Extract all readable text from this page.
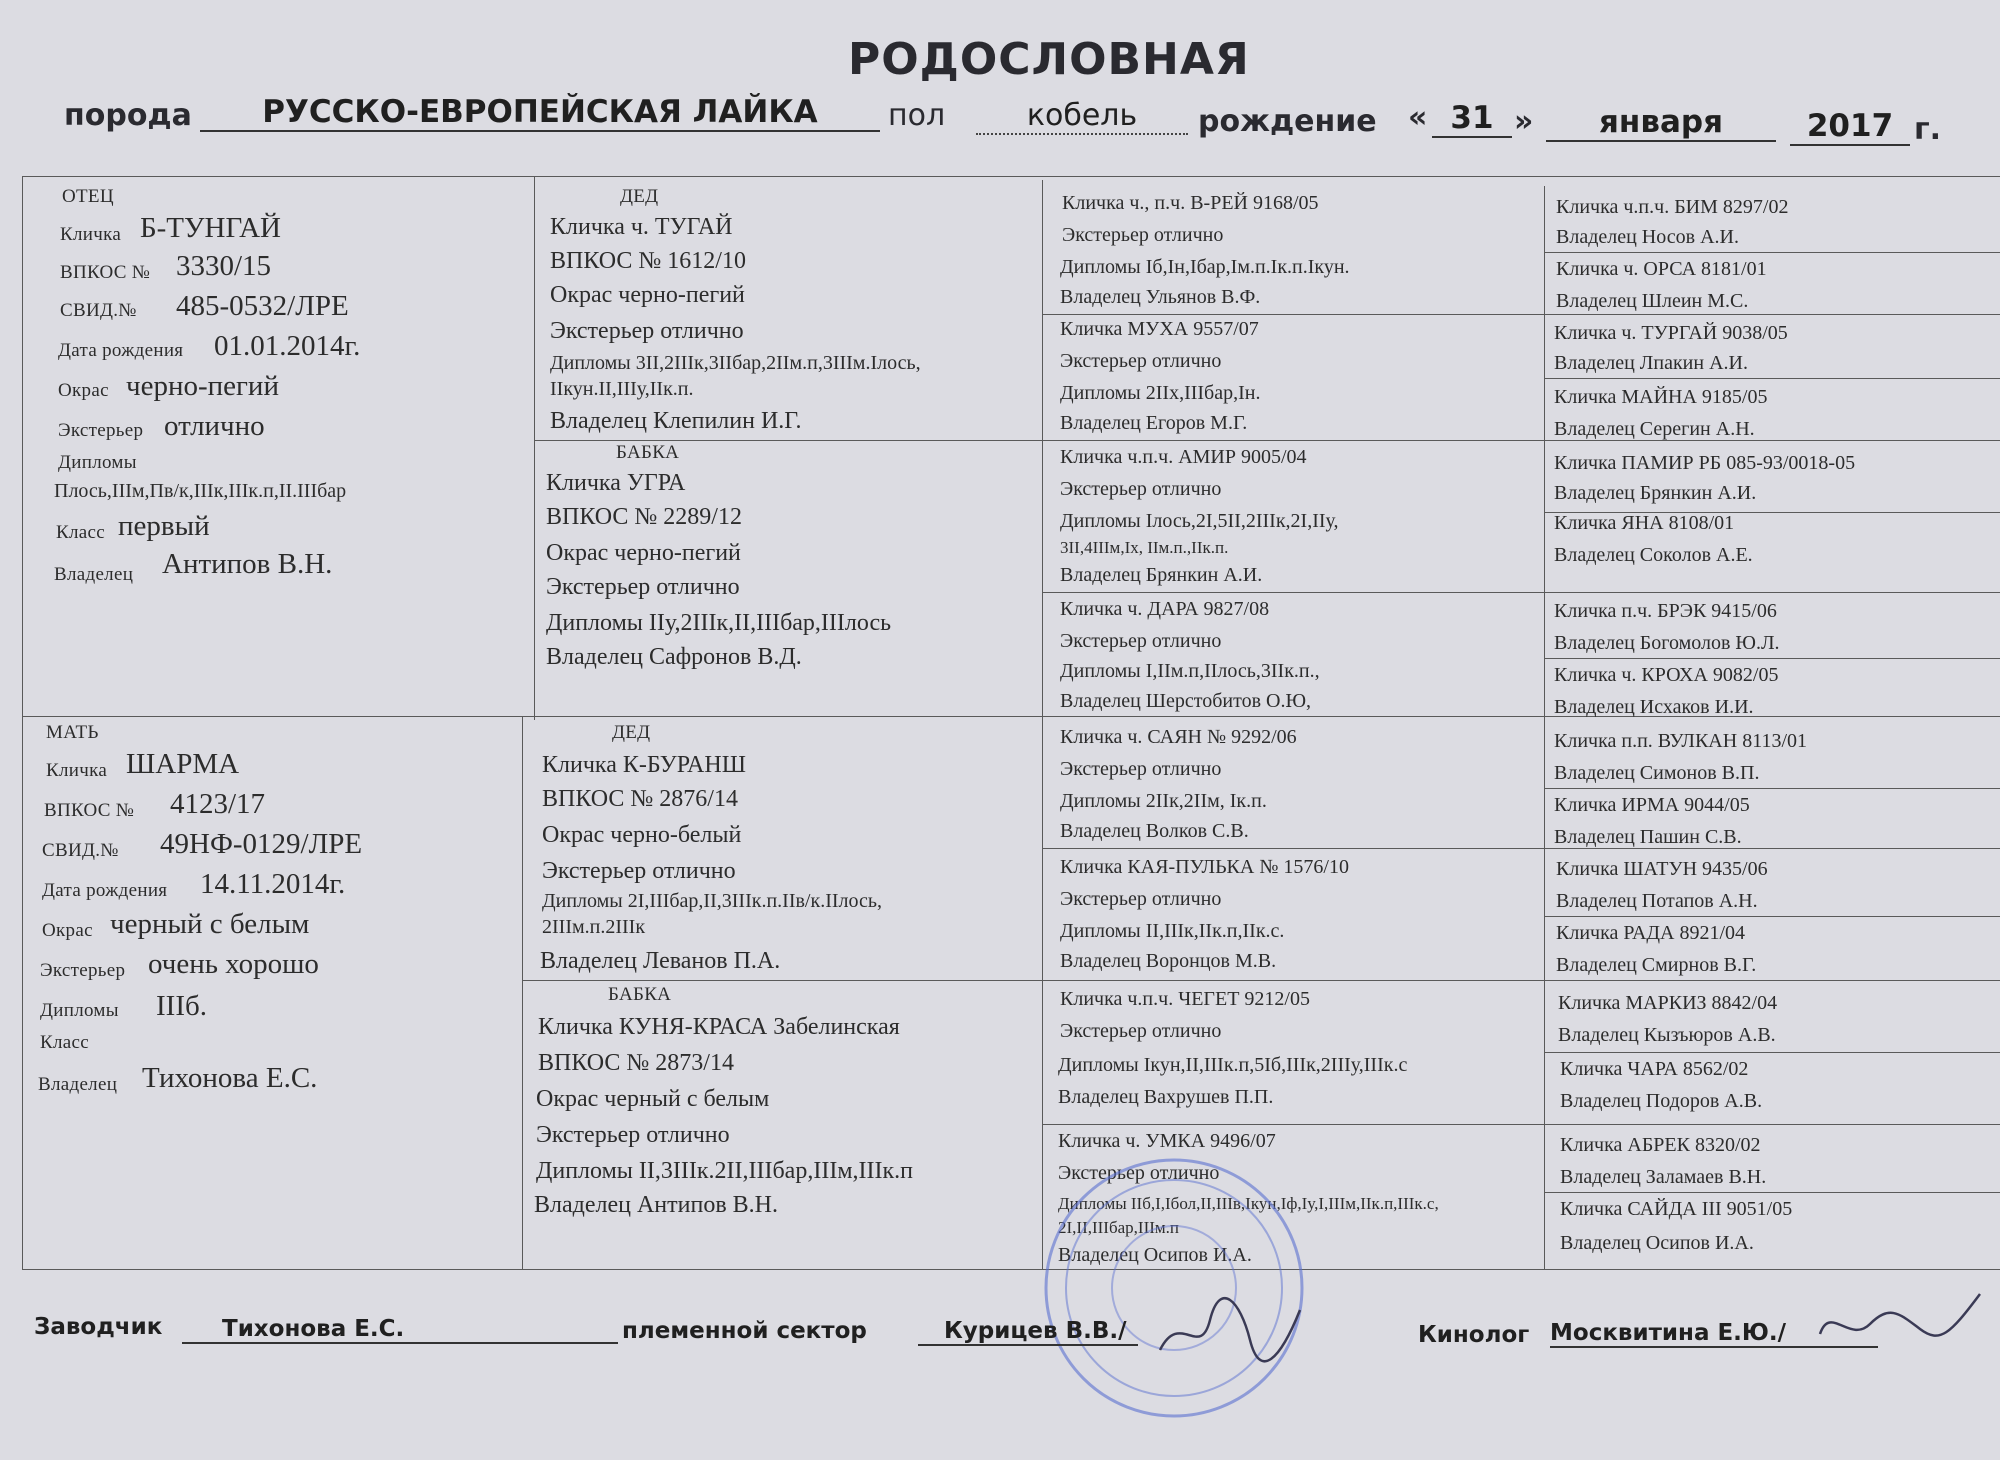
РОДОСЛОВНАЯ
порода	РУССКО-ЕВРОПЕЙСКАЯ ЛАЙКА	пол	кобель	рождение « 31 »	января	2017 г.
ОТЕЦ
Кличка Б-ТУНГАЙ
ВПКОС № 3330/15
СВИД.№ 485-0532/ЛРЕ
Дата рождения 01.01.2014г.
Окрас черно-пегий
Экстерьер отлично
Дипломы
Плось,IIIм,Пв/к,IIIк,IIIк.п,II.IIIбар
Класс первый
Владелец Антипов В.Н.
МАТЬ
Кличка ШАРМА
ВПКОС № 4123/17
СВИД.№ 49НФ-0129/ЛРЕ
Дата рождения 14.11.2014г.
Окрас черный с белым
Экстерьер очень хорошо
Дипломы IIIб.
Класс
Владелец Тихонова Е.С.
ДЕД
Кличка ч. ТУГАЙ
ВПКОС № 1612/10
Окрас черно-пегий
Экстерьер отлично
Дипломы 3II,2IIIк,3IIбар,2IIм.п,3IIIм.Iлось,
IIкун.II,IIIу,IIк.п.
Владелец Клепилин И.Г.
БАБКА
Кличка УГРА
ВПКОС № 2289/12
Окрас черно-пегий
Экстерьер отлично
Дипломы IIу,2IIIк,II,IIIбар,IIIлось
Владелец Сафронов В.Д.
ДЕД
Кличка К-БУРАНШ
ВПКОС № 2876/14
Окрас черно-белый
Экстерьер отлично
Дипломы 2I,IIIбар,II,3IIIк.п.IIв/к.IIлось,
2IIIм.п.2IIIк
Владелец Леванов П.А.
БАБКА
Кличка КУНЯ-КРАСА Забелинская
ВПКОС № 2873/14
Окрас черный с белым
Экстерьер отлично
Дипломы II,3IIIк.2II,IIIбар,IIIм,IIIк.п
Владелец Антипов В.Н.
Кличка ч., п.ч. В-РЕЙ 9168/05
Экстерьер отлично
Дипломы Iб,Iн,Iбар,Iм.п.Iк.п.Iкун.
Владелец Ульянов В.Ф.
Кличка МУХА 9557/07
Экстерьер отлично
Дипломы 2IIх,IIIбар,Iн.
Владелец Егоров М.Г.
Кличка ч.п.ч. АМИР 9005/04
Экстерьер отлично
Дипломы Iлось,2I,5II,2IIIк,2I,IIу,
3II,4IIIм,Iх, IIм.п.,IIк.п.
Владелец Брянкин А.И.
Кличка ч. ДАРА 9827/08
Экстерьер отлично
Дипломы I,IIм.п,IIлось,3IIк.п.,
Владелец Шерстобитов О.Ю,
Кличка ч. САЯН № 9292/06
Экстерьер отлично
Дипломы 2IIк,2IIм, Iк.п.
Владелец Волков С.В.
Кличка КАЯ-ПУЛЬКА № 1576/10
Экстерьер отлично
Дипломы II,IIIк,IIк.п,IIк.с.
Владелец Воронцов М.В.
Кличка ч.п.ч. ЧЕГЕТ 9212/05
Экстерьер отлично
Дипломы Iкун,II,IIIк.п,5Iб,IIIк,2IIIу,IIIк.с
Владелец Вахрушев П.П.
Кличка ч. УМКА 9496/07
Экстерьер отлично
Дипломы IIб,I,Iбол,II,IIIв,Iкун,Iф,Iу,I,IIIм,IIк.п,IIIк.с,
2I,II,IIIбар,IIIм.п
Владелец Осипов И.А.
Кличка ч.п.ч. БИМ 8297/02
Владелец Носов А.И.
Кличка ч. ОРСА 8181/01
Владелец Шлеин М.С.
Кличка ч. ТУРГАЙ 9038/05
Владелец Лпакин А.И.
Кличка МАЙНА 9185/05
Владелец Серегин А.Н.
Кличка ПАМИР РБ 085-93/0018-05
Владелец Брянкин А.И.
Кличка ЯНА 8108/01
Владелец Соколов А.Е.
Кличка п.ч. БРЭК 9415/06
Владелец Богомолов Ю.Л.
Кличка ч. КРОХА 9082/05
Владелец Исхаков И.И.
Кличка п.п. ВУЛКАН 8113/01
Владелец Симонов В.П.
Кличка ИРМА 9044/05
Владелец Пашин С.В.
Кличка ШАТУН 9435/06
Владелец Потапов А.Н.
Кличка РАДА 8921/04
Владелец Смирнов В.Г.
Кличка МАРКИЗ 8842/04
Владелец Кызъюров А.В.
Кличка ЧАРА 8562/02
Владелец Подоров А.В.
Кличка АБРЕК 8320/02
Владелец Заламаев В.Н.
Кличка САЙДА III 9051/05
Владелец Осипов И.А.
Заводчик	Тихонова Е.С.	племенной сектор	Курицев В.В./	Кинолог Москвитина Е.Ю./
